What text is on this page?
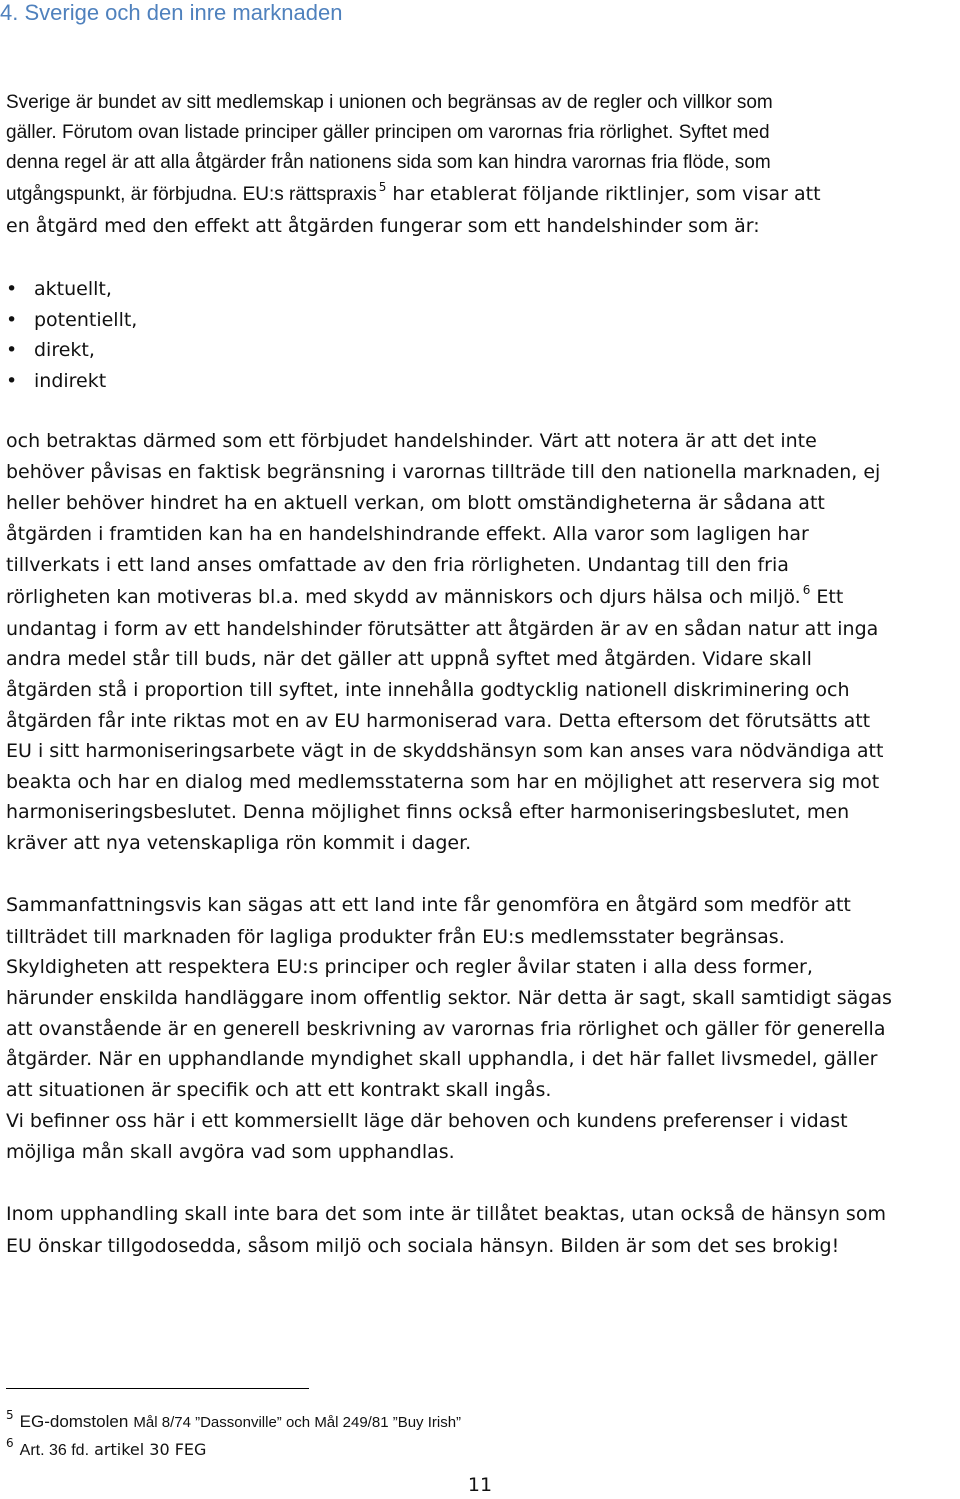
4. Sverige och den inre marknaden

Sverige är bundet av sitt medlemskap i unionen och begränsas av de regler och villkor som

gäller. Förutom ovan listade principer gäller principen om varornas fria rörlighet. Syftet med

denna regel är att alla åtgärder från nationens sida som kan hindra varornas fria flöde, som

utgångspunkt, är förbjudna. EU:s rättspraxis $^5$ har etablerat följande riktlinjer, som visar att

en åtgärd med den effekt att åtgärden fungerar som ett handelshinder som är:

• aktuellt,
• potentiellt,
• direkt,
• indirekt

och betraktas därmed som ett förbjudet handelshinder. Värt att notera är att det inte

behöver påvisas en faktisk begränsning i varornas tillträde till den nationella marknaden, ej

heller behöver hindret ha en aktuell verkan, om blott omständigheterna är sådana att

åtgärden i framtiden kan ha en handelshindrande effekt. Alla varor som lagligen har

tillverkats i ett land anses omfattade av den fria rörligheten. Undantag till den fria

rörligheten kan motiveras bl.a. med skydd av människors och djurs hälsa och miljö. $^6$ Ett

undantag i form av ett handelshinder förutsätter att åtgärden är av en sådan natur att inga

andra medel står till buds, när det gäller att uppnå syftet med åtgärden. Vidare skall

åtgärden stå i proportion till syftet, inte innehålla godtycklig nationell diskriminering och

åtgärden får inte riktas mot en av EU harmoniserad vara. Detta eftersom det förutsätts att

EU i sitt harmoniseringsarbete vägt in de skyddshänsyn som kan anses vara nödvändiga att

beakta och har en dialog med medlemsstaterna som har en möjlighet att reservera sig mot

harmoniseringsbeslutet. Denna möjlighet finns också efter harmoniseringsbeslutet, men

kräver att nya vetenskapliga rön kommit i dager.

Sammanfattningsvis kan sägas att ett land inte får genomföra en åtgärd som medför att

tillträdet till marknaden för lagliga produkter från EU:s medlemsstater begränsas.

Skyldigheten att respektera EU:s principer och regler åvilar staten i alla dess former,

härunder enskilda handläggare inom offentlig sektor. När detta är sagt, skall samtidigt sägas

att ovanstående är en generell beskrivning av varornas fria rörlighet och gäller för generella

åtgärder. När en upphandlande myndighet skall upphandla, i det här fallet livsmedel, gäller

att situationen är specifik och att ett kontrakt skall ingås.

Vi befinner oss här i ett kommersiellt läge där behoven och kundens preferenser i vidast

möjliga mån skall avgöra vad som upphandlas.

Inom upphandling skall inte bara det som inte är tillåtet beaktas, utan också de hänsyn som

EU önskar tillgodosedda, såsom miljö och sociala hänsyn. Bilden är som det ses brokig!

$^5$ EG-domstolen Mål 8/74 ”Dassonville” och Mål 249/81 ”Buy Irish”

$^6$ Art. 36 fd. artikel 30 FEG

11
